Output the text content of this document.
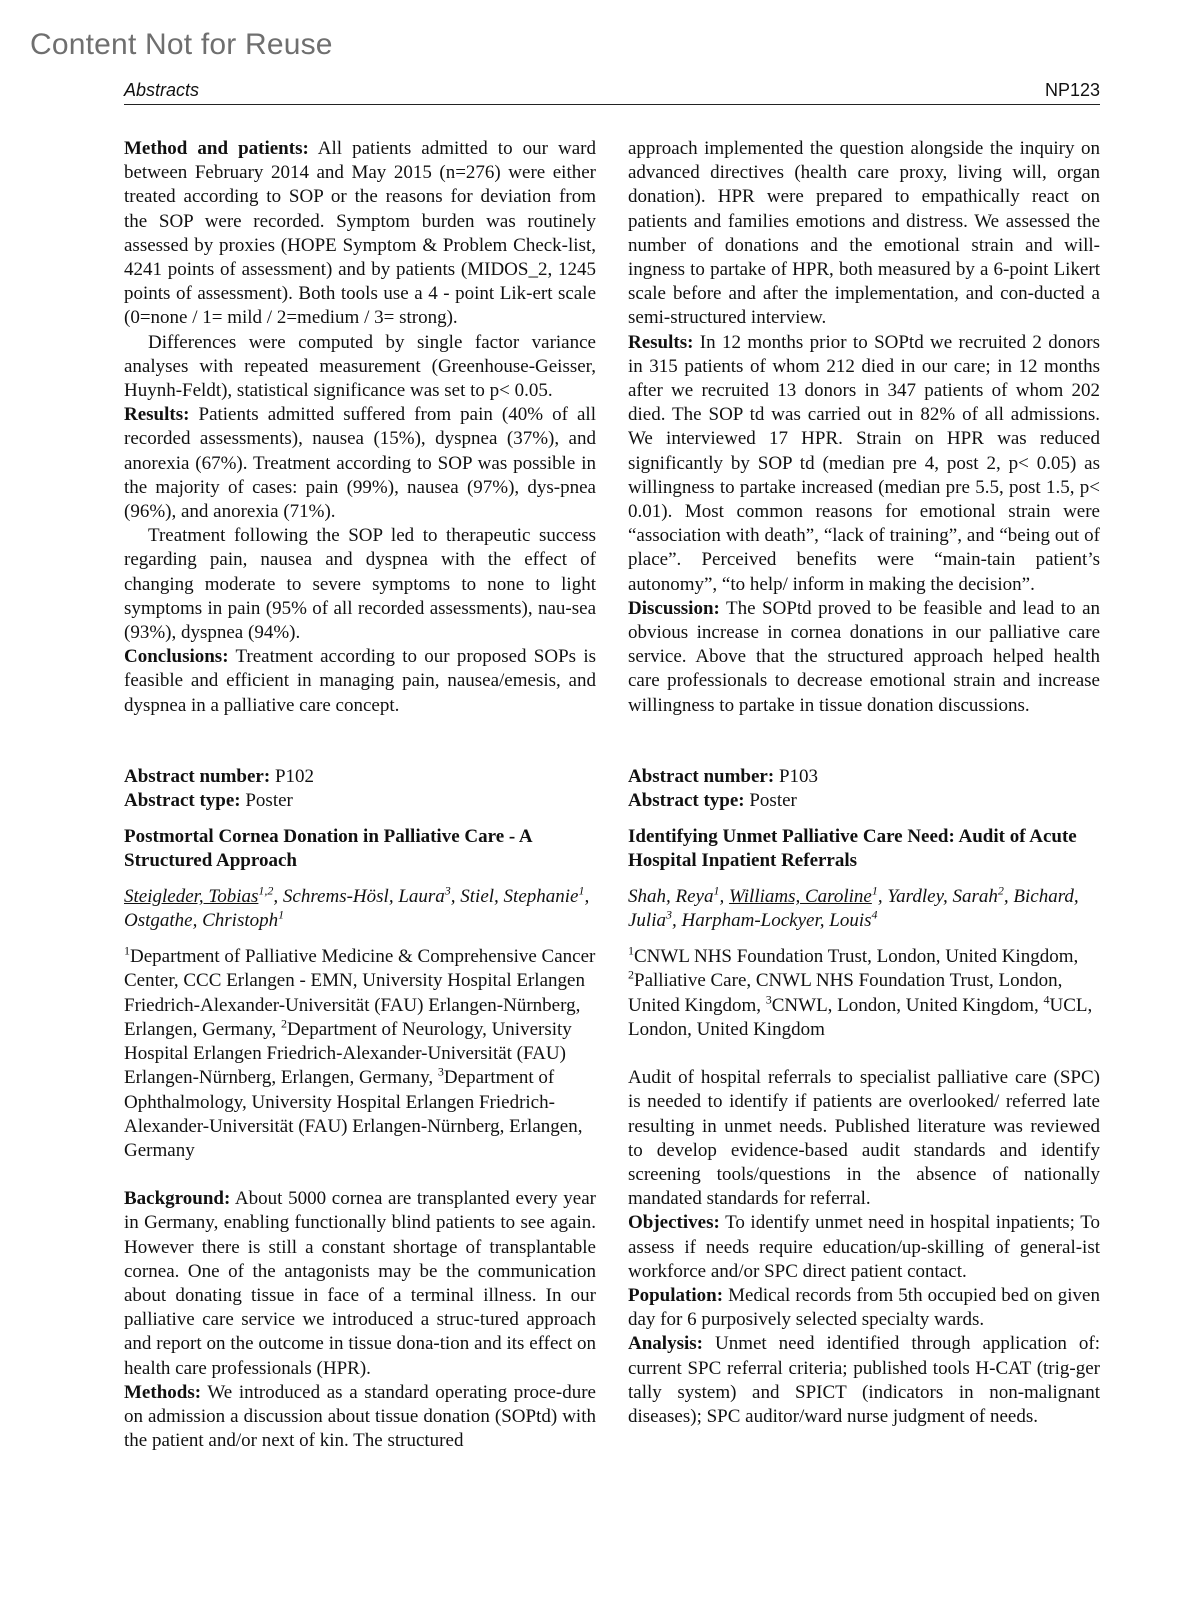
Content Not for Reuse
Abstracts	NP123

Method and patients: All patients admitted to our ward between February 2014 and May 2015 (n=276) were either treated according to SOP or the reasons for deviation from the SOP were recorded. Symptom burden was routinely assessed by proxies (HOPE Symptom & Problem Check-list, 4241 points of assessment) and by patients (MIDOS_2, 1245 points of assessment). Both tools use a 4 - point Lik-ert scale (0=none / 1= mild / 2=medium / 3= strong).

Differences were computed by single factor variance analyses with repeated measurement (Greenhouse-Geisser, Huynh-Feldt), statistical significance was set to p< 0.05.

Results: Patients admitted suffered from pain (40% of all recorded assessments), nausea (15%), dyspnea (37%), and anorexia (67%). Treatment according to SOP was possible in the majority of cases: pain (99%), nausea (97%), dys-pnea (96%), and anorexia (71%).

Treatment following the SOP led to therapeutic success regarding pain, nausea and dyspnea with the effect of changing moderate to severe symptoms to none to light symptoms in pain (95% of all recorded assessments), nau-sea (93%), dyspnea (94%).

Conclusions: Treatment according to our proposed SOPs is feasible and efficient in managing pain, nausea/emesis, and dyspnea in a palliative care concept.

Abstract number: P102
Abstract type: Poster
Postmortal Cornea Donation in Palliative Care - A Structured Approach
Steigleder, Tobias$^{1,2}$, Schrems-Hösl, Laura$^3$, Stiel, Stephanie$^1$, Ostgathe, Christoph$^1$
$^1$Department of Palliative Medicine & Comprehensive Cancer Center, CCC Erlangen - EMN, University Hospital Erlangen Friedrich-Alexander-Universität (FAU) Erlangen-Nürnberg, Erlangen, Germany, $^2$Department of Neurology, University Hospital Erlangen Friedrich-Alexander-Universität (FAU) Erlangen-Nürnberg, Erlangen, Germany, $^3$Department of Ophthalmology, University Hospital Erlangen Friedrich-Alexander-Universität (FAU) Erlangen-Nürnberg, Erlangen, Germany

Background: About 5000 cornea are transplanted every year in Germany, enabling functionally blind patients to see again. However there is still a constant shortage of transplantable cornea. One of the antagonists may be the communication about donating tissue in face of a terminal illness. In our palliative care service we introduced a struc-tured approach and report on the outcome in tissue dona-tion and its effect on health care professionals (HPR).

Methods: We introduced as a standard operating proce-dure on admission a discussion about tissue donation (SOPtd) with the patient and/or next of kin. The structured

approach implemented the question alongside the inquiry on advanced directives (health care proxy, living will, organ donation). HPR were prepared to empathically react on patients and families emotions and distress. We assessed the number of donations and the emotional strain and will-ingness to partake of HPR, both measured by a 6-point Likert scale before and after the implementation, and con-ducted a semi-structured interview.

Results: In 12 months prior to SOPtd we recruited 2 donors in 315 patients of whom 212 died in our care; in 12 months after we recruited 13 donors in 347 patients of whom 202 died. The SOP td was carried out in 82% of all admissions. We interviewed 17 HPR. Strain on HPR was reduced significantly by SOP td (median pre 4, post 2, p< 0.05) as willingness to partake increased (median pre 5.5, post 1.5, p< 0.01). Most common reasons for emotional strain were “association with death”, “lack of training”, and “being out of place”. Perceived benefits were “main-tain patient’s autonomy”, “to help/ inform in making the decision”.

Discussion: The SOPtd proved to be feasible and lead to an obvious increase in cornea donations in our palliative care service. Above that the structured approach helped health care professionals to decrease emotional strain and increase willingness to partake in tissue donation discussions.

Abstract number: P103
Abstract type: Poster
Identifying Unmet Palliative Care Need: Audit of Acute Hospital Inpatient Referrals
Shah, Reya$^1$, Williams, Caroline$^1$, Yardley, Sarah$^2$, Bichard, Julia$^3$, Harpham-Lockyer, Louis$^4$
$^1$CNWL NHS Foundation Trust, London, United Kingdom, $^2$Palliative Care, CNWL NHS Foundation Trust, London, United Kingdom, $^3$CNWL, London, United Kingdom, $^4$UCL, London, United Kingdom

Audit of hospital referrals to specialist palliative care (SPC) is needed to identify if patients are overlooked/ referred late resulting in unmet needs. Published literature was reviewed to develop evidence-based audit standards and identify screening tools/questions in the absence of nationally mandated standards for referral.

Objectives: To identify unmet need in hospital inpatients; To assess if needs require education/up-skilling of general-ist workforce and/or SPC direct patient contact.

Population: Medical records from 5th occupied bed on given day for 6 purposively selected specialty wards.

Analysis: Unmet need identified through application of: current SPC referral criteria; published tools H-CAT (trig-ger tally system) and SPICT (indicators in non-malignant diseases); SPC auditor/ward nurse judgment of needs.
